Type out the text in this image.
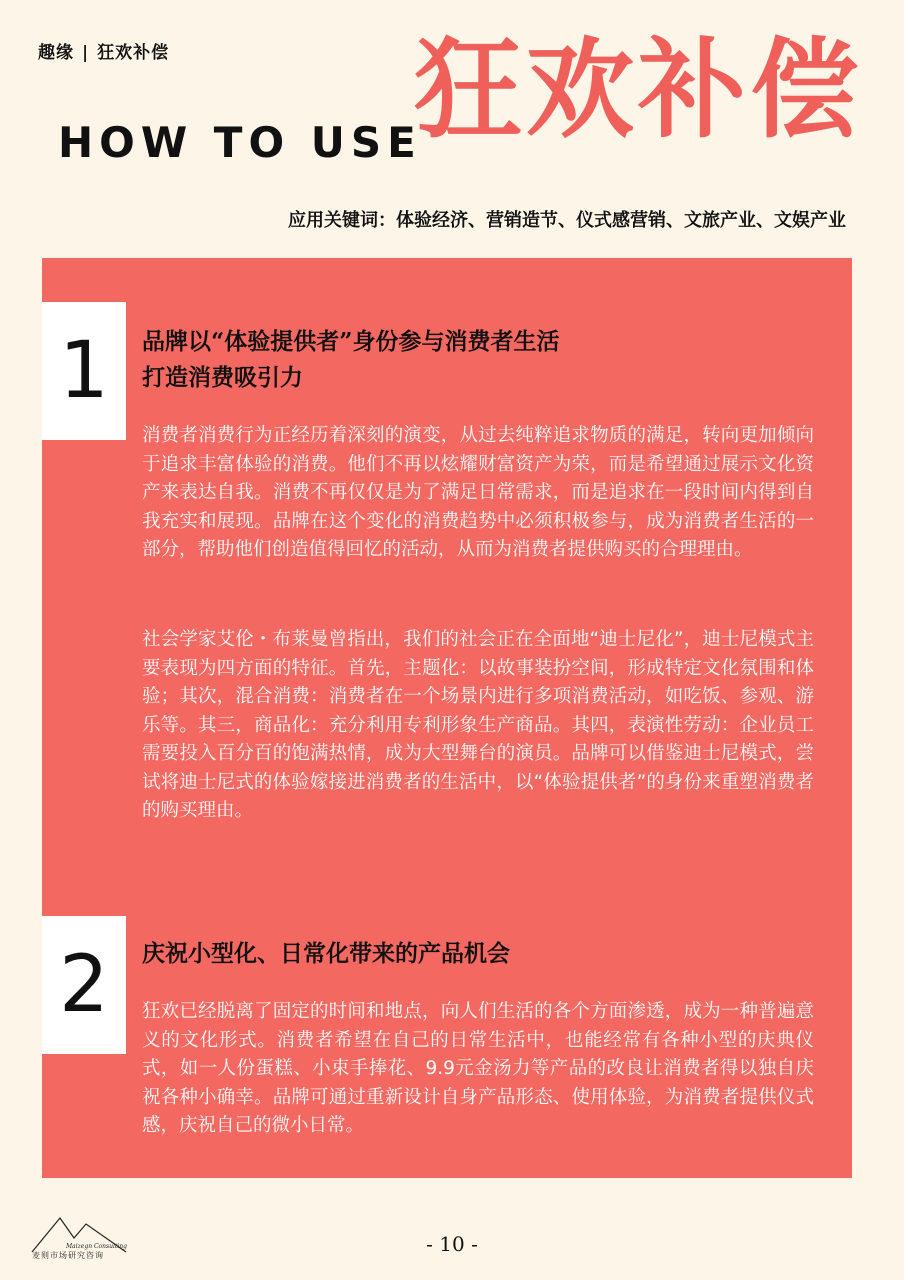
趣缘 | 狂欢补偿
HOW TO USE
狂欢补偿
应用关键词：体验经济、营销造节、仪式感营销、文旅产业、文娱产业
1	品牌以“体验提供者”身份参与消费者生活
打造消费吸引力
消费者消费行为正经历着深刻的演变，从过去纯粹追求物质的满足，转向更加倾向于追求丰富体验的消费。他们不再以炫耀财富资产为荣，而是希望通过展示文化资产来表达自我。消费不再仅仅是为了满足日常需求，而是追求在一段时间内得到自我充实和展现。品牌在这个变化的消费趋势中必须积极参与，成为消费者生活的一部分，帮助他们创造值得回忆的活动，从而为消费者提供购买的合理理由。
社会学家艾伦・布莱曼曾指出，我们的社会正在全面地“迪士尼化”，迪士尼模式主要表现为四方面的特征。首先，主题化：以故事装扮空间，形成特定文化氛围和体验；其次，混合消费：消费者在一个场景内进行多项消费活动，如吃饭、参观、游乐等。其三，商品化：充分利用专利形象生产商品。其四，表演性劳动：企业员工需要投入百分百的饱满热情，成为大型舞台的演员。品牌可以借鉴迪士尼模式，尝试将迪士尼式的体验嫁接进消费者的生活中，以“体验提供者”的身份来重塑消费者的购买理由。
2	庆祝小型化、日常化带来的产品机会
狂欢已经脱离了固定的时间和地点，向人们生活的各个方面渗透，成为一种普遍意义的文化形式。消费者希望在自己的日常生活中，也能经常有各种小型的庆典仪式，如一人份蛋糕、小束手捧花、9.9元金汤力等产品的改良让消费者得以独自庆祝各种小确幸。品牌可通过重新设计自身产品形态、使用体验，为消费者提供仪式感，庆祝自己的微小日常。
Maizegn Consulting
麦则市场研究咨询	- 10 -
